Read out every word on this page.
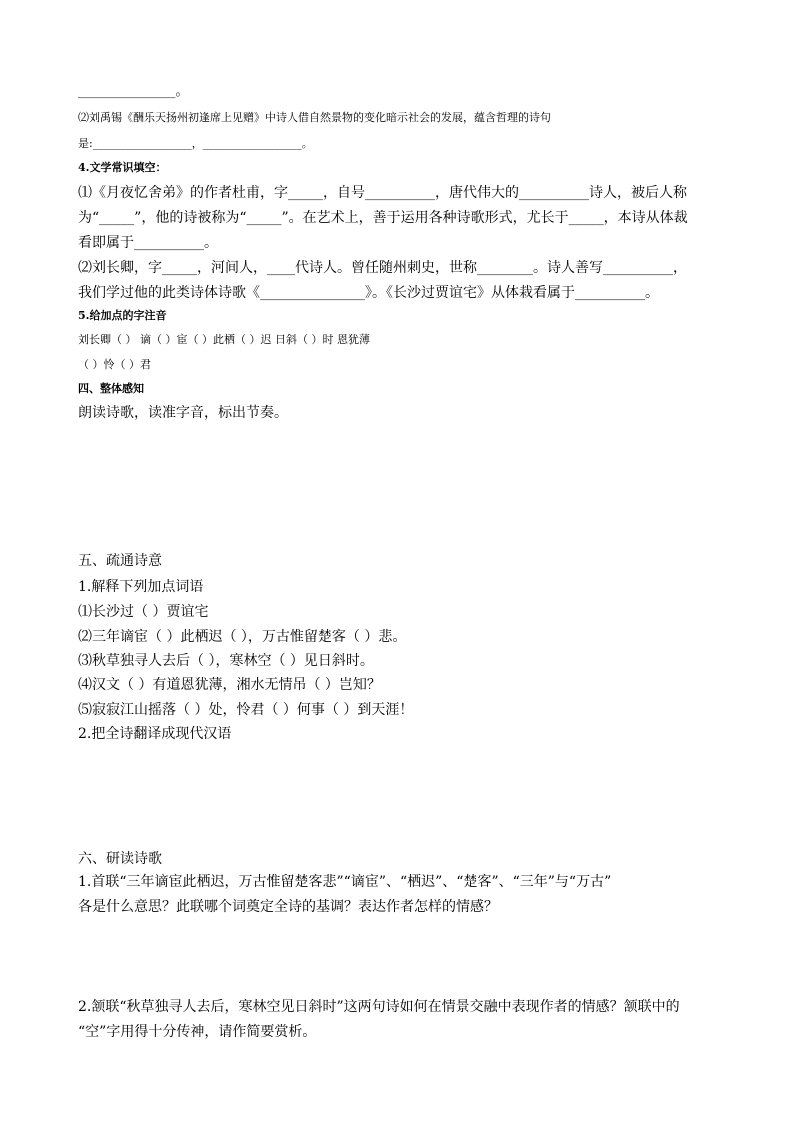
_______________。
⑵刘禹锡《酬乐天扬州初逢席上见赠》中诗人借自然景物的变化暗示社会的发展，蕴含哲理的诗句
是:__________________，__________________。
4.文学常识填空：
⑴《月夜忆舍弟》的作者杜甫，字_____，自号__________，唐代伟大的__________诗人，被后人称
为“_____”，他的诗被称为“_____”。在艺术上，善于运用各种诗歌形式，尤长于_____，本诗从体裁
看即属于__________。
⑵刘长卿，字_____，河间人，____代诗人。曾任随州刺史，世称________。诗人善写__________，
我们学过他的此类诗体诗歌《_______________》。《长沙过贾谊宅》从体栽看属于__________。
5.给加点的字注音
刘长卿（ ） 谪（ ）宦（ ）此栖（ ）迟 日斜（ ）时 恩犹薄
（ ）怜（ ）君
四、整体感知
朗读诗歌，读准字音，标出节奏。
五、疏通诗意
1.解释下列加点词语
⑴长沙过（ ）贾谊宅
⑵三年谪宦（ ）此栖迟（ ），万古惟留楚客（ ）悲。
⑶秋草独寻人去后（ ），寒林空（ ）见日斜时。
⑷汉文（ ）有道恩犹薄，湘水无情吊（ ）岂知？
⑸寂寂江山摇落（ ）处，怜君（ ）何事（ ）到天涯！
2.把全诗翻译成现代汉语
六、研读诗歌
1.首联“三年谪宦此栖迟，万古惟留楚客悲”“谪宦”、“栖迟”、“楚客”、“三年”与“万古”
各是什么意思？此联哪个词奠定全诗的基调？表达作者怎样的情感？
2.颔联“秋草独寻人去后，寒林空见日斜时”这两句诗如何在情景交融中表现作者的情感？颔联中的
“空”字用得十分传神，请作简要赏析。
